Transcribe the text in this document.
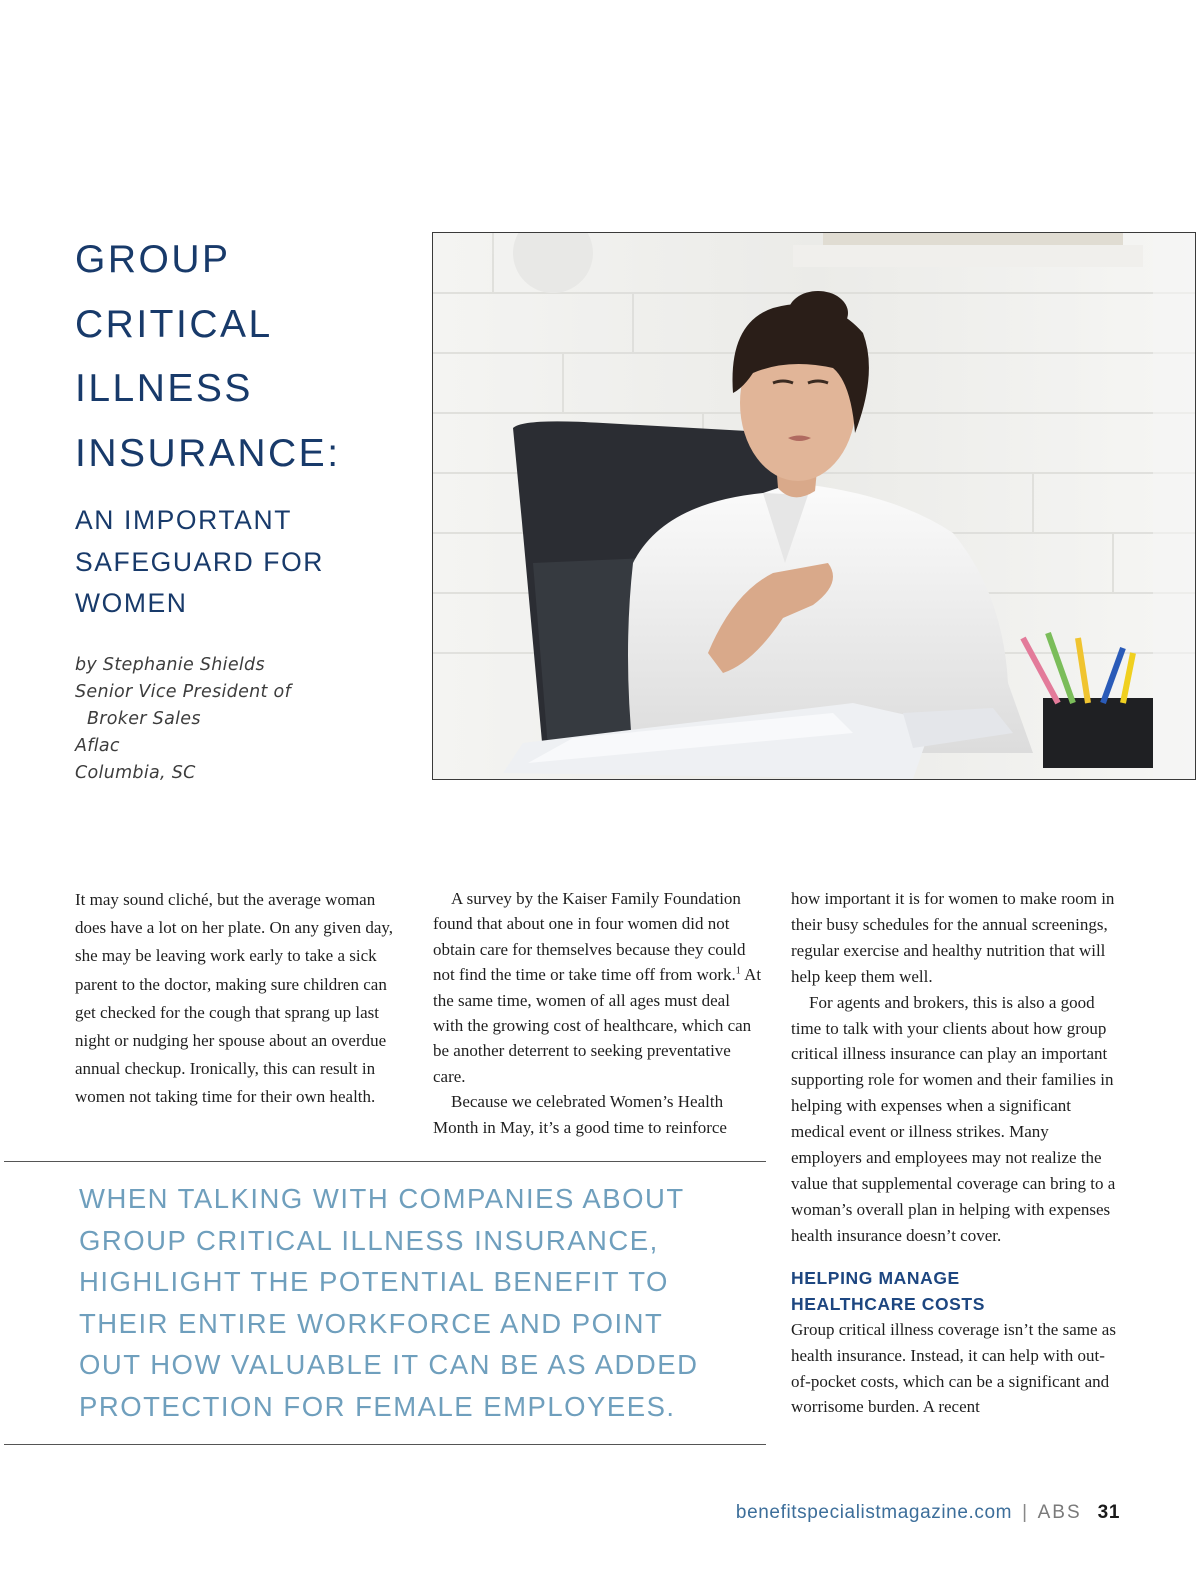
GROUP
CRITICAL
ILLNESS
INSURANCE:
AN IMPORTANT
SAFEGUARD FOR
WOMEN
by Stephanie Shields
Senior Vice President of
Broker Sales
Aflac
Columbia, SC

It may sound cliché, but the average woman does have a lot on her plate. On any given day, she may be leaving work early to take a sick parent to the doctor, making sure children can get checked for the cough that sprang up last night or nudging her spouse about an overdue annual checkup. Ironically, this can result in women not taking time for their own health.

A survey by the Kaiser Family Foundation found that about one in four women did not obtain care for themselves because they could not find the time or take time off from work.$^1$ At the same time, women of all ages must deal with the growing cost of healthcare, which can be another deterrent to seeking preventative care.

Because we celebrated Women’s Health Month in May, it’s a good time to reinforce

how important it is for women to make room in their busy schedules for the annual screenings, regular exercise and healthy nutrition that will help keep them well.

For agents and brokers, this is also a good time to talk with your clients about how group critical illness insurance can play an important supporting role for women and their families in helping with expenses when a significant medical event or illness strikes. Many employers and employees may not realize the value that supplemental coverage can bring to a woman’s overall plan in helping with expenses health insurance doesn’t cover.

HELPING MANAGE
HEALTHCARE COSTS

Group critical illness coverage isn’t the same as health insurance. Instead, it can help with out-of-pocket costs, which can be a significant and worrisome burden. A recent

WHEN TALKING WITH COMPANIES ABOUT
GROUP CRITICAL ILLNESS INSURANCE,
HIGHLIGHT THE POTENTIAL BENEFIT TO
THEIR ENTIRE WORKFORCE AND POINT
OUT HOW VALUABLE IT CAN BE AS ADDED
PROTECTION FOR FEMALE EMPLOYEES.
benefitspecialistmagazine.com | ABS 31
